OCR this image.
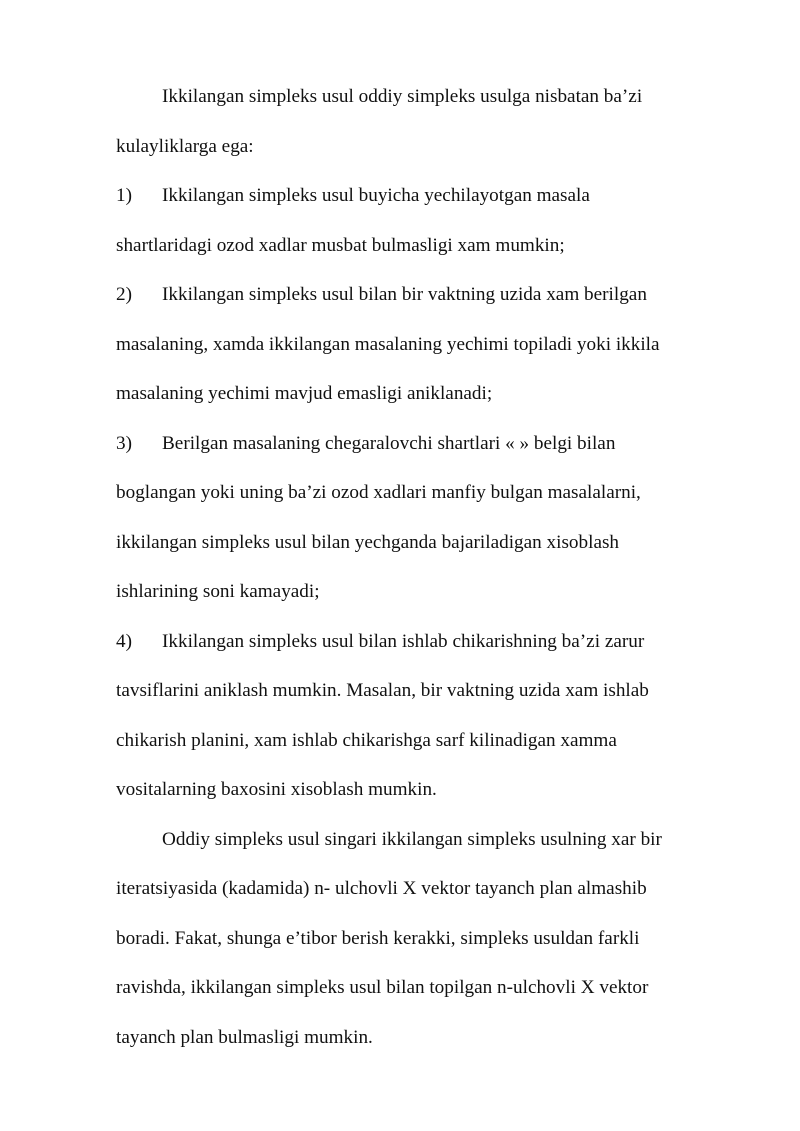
Ikkilangan simpleks usul oddiy simpleks usulga nisbatan ba’zi
kulayliklarga ega:
1) Ikkilangan simpleks usul buyicha yechilayotgan masala
shartlaridagi ozod xadlar musbat bulmasligi xam mumkin;
2) Ikkilangan simpleks usul bilan bir vaktning uzida xam berilgan
masalaning, xamda ikkilangan masalaning yechimi topiladi yoki ikkila
masalaning yechimi mavjud emasligi aniklanadi;
3) Berilgan masalaning chegaralovchi shartlari « » belgi bilan
boglangan yoki uning ba’zi ozod xadlari manfiy bulgan masalalarni,
ikkilangan simpleks usul bilan yechganda bajariladigan xisoblash
ishlarining soni kamayadi;
4) Ikkilangan simpleks usul bilan ishlab chikarishning ba’zi zarur
tavsiflarini aniklash mumkin. Masalan, bir vaktning uzida xam ishlab
chikarish planini, xam ishlab chikarishga sarf kilinadigan xamma
vositalarning baxosini xisoblash mumkin.
Oddiy simpleks usul singari ikkilangan simpleks usulning xar bir
iteratsiyasida (kadamida) n- ulchovli X vektor tayanch plan almashib
boradi. Fakat, shunga e’tibor berish kerakki, simpleks usuldan farkli
ravishda, ikkilangan simpleks usul bilan topilgan n-ulchovli X vektor
tayanch plan bulmasligi mumkin.
